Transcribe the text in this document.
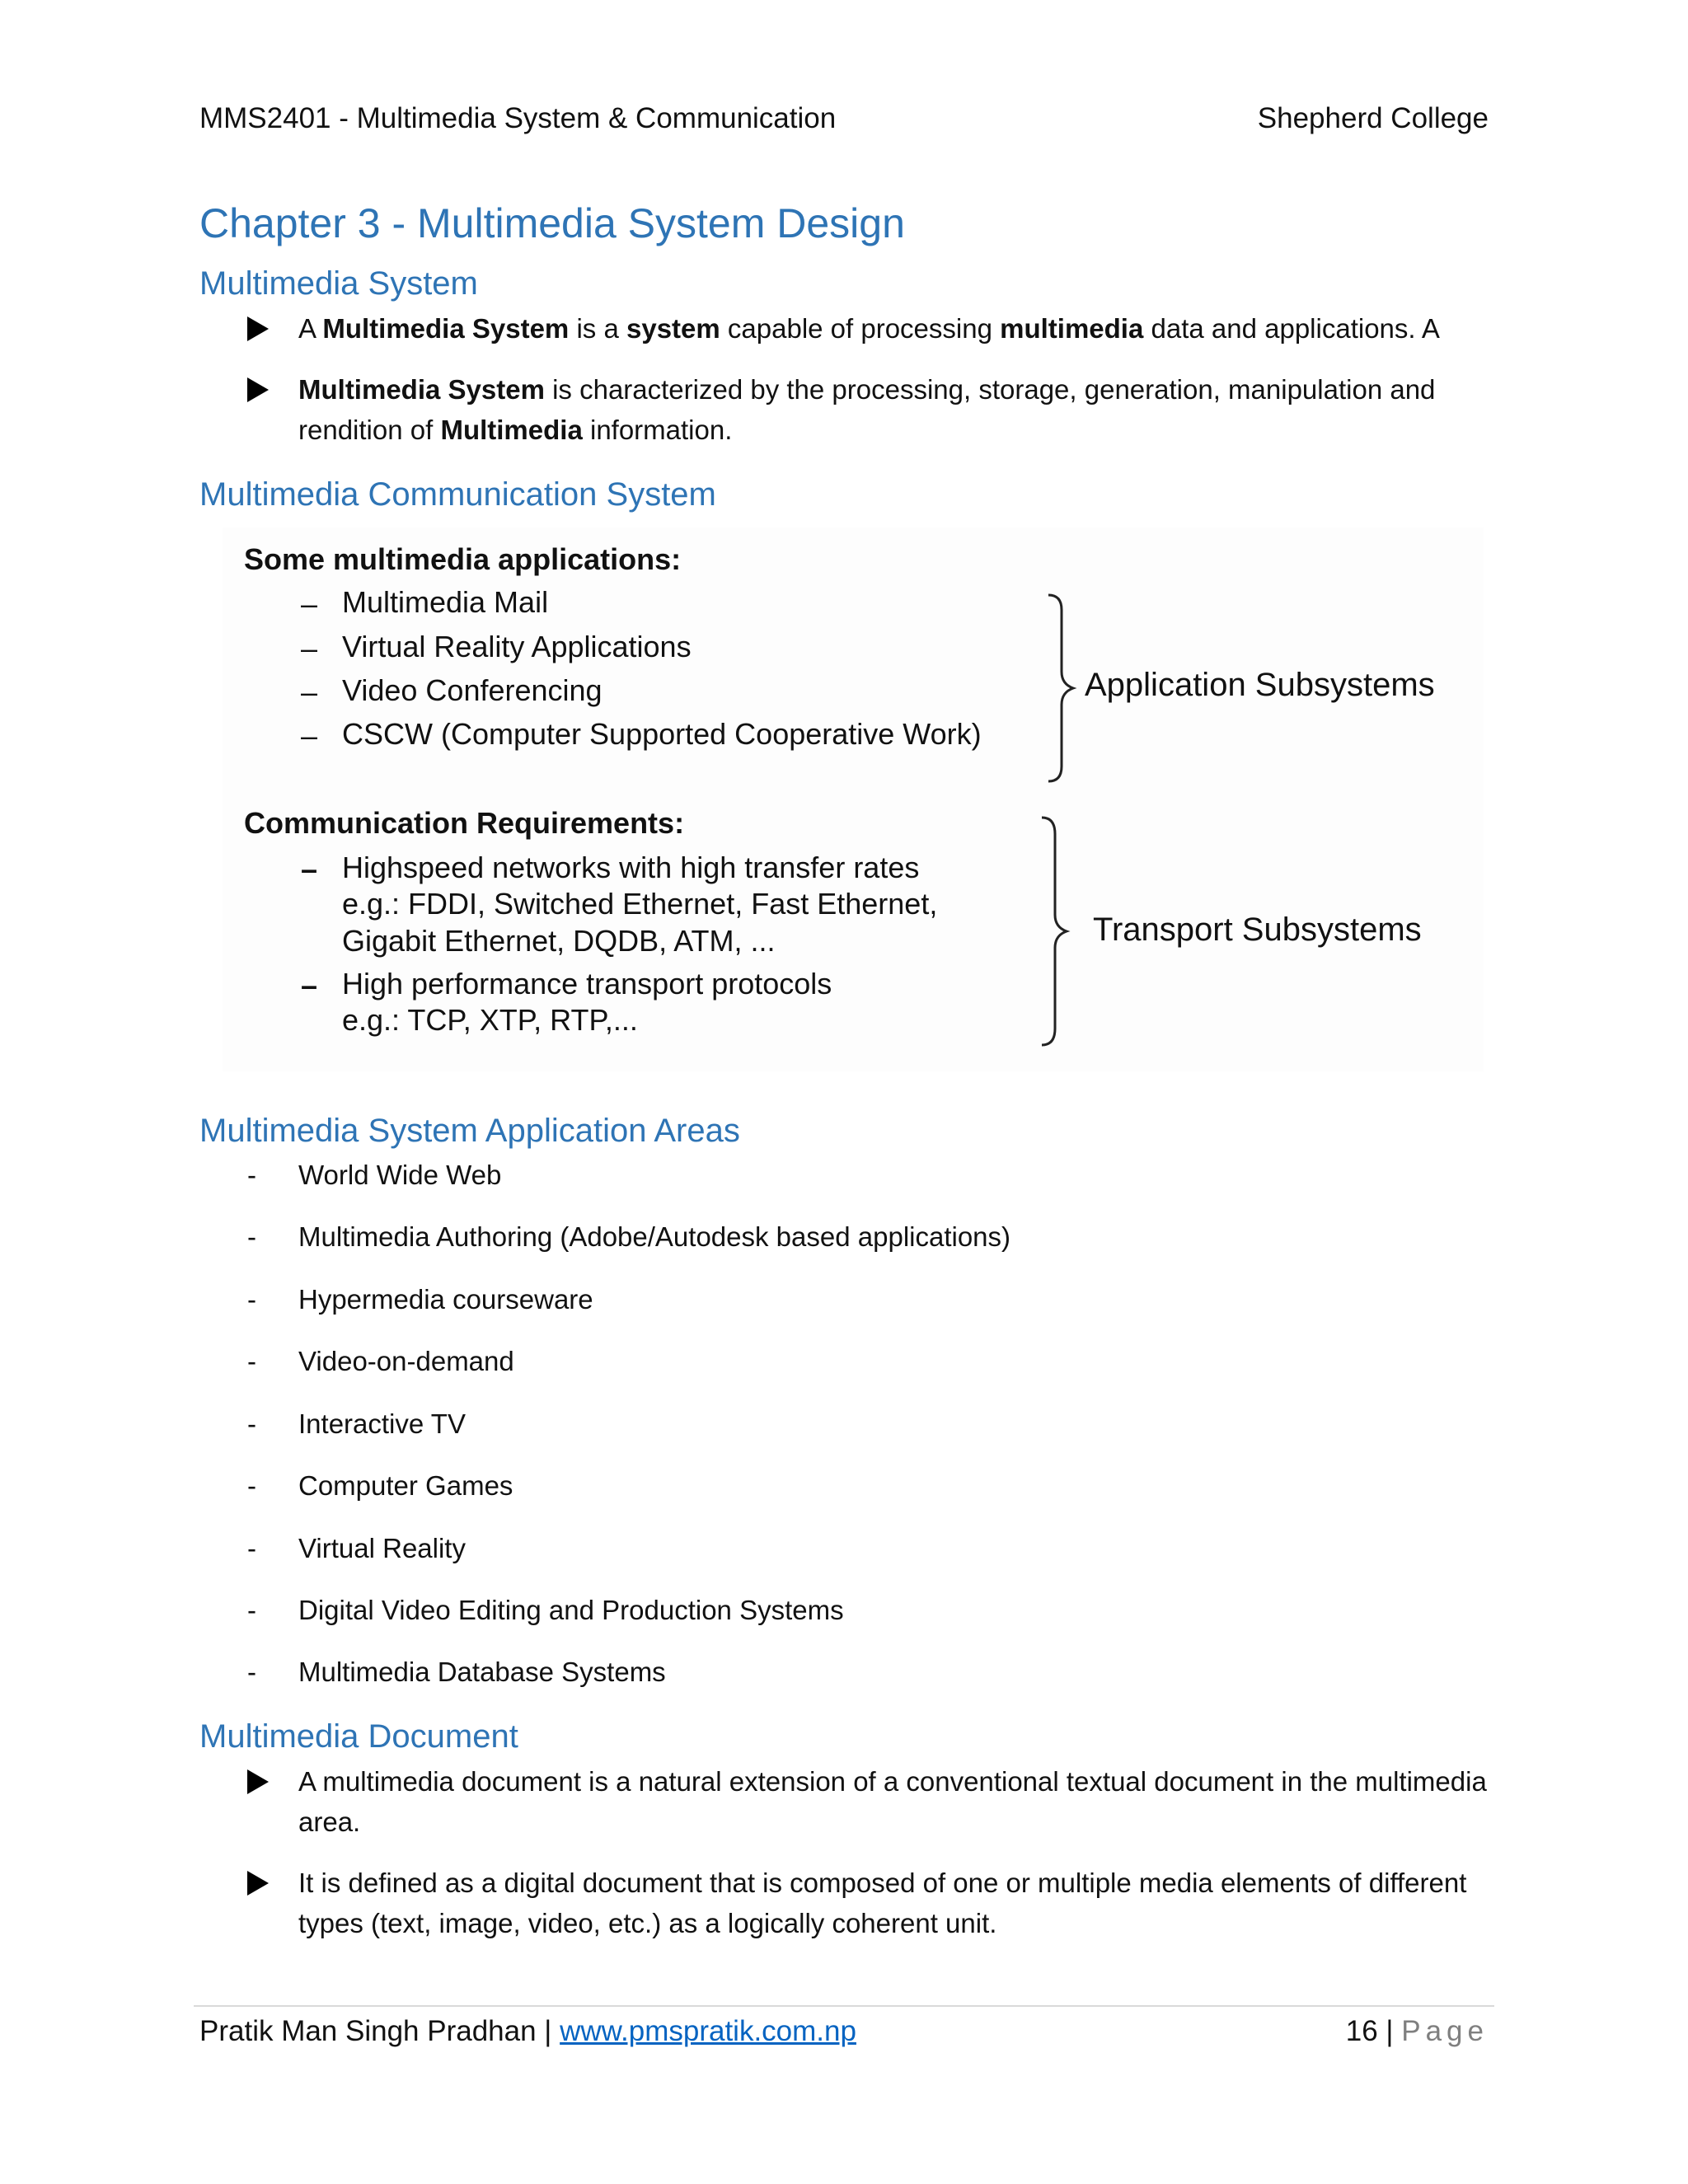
MMS2401 - Multimedia System & Communication	Shepherd College
Chapter 3 - Multimedia System Design
Multimedia System
A Multimedia System is a system capable of processing multimedia data and applications. A
Multimedia System is characterized by the processing, storage, generation, manipulation and rendition of Multimedia information.
Multimedia Communication System
Some multimedia applications:
– Multimedia Mail
– Virtual Reality Applications
– Video Conferencing
– CSCW (Computer Supported Cooperative Work)
Application Subsystems
Communication Requirements:
– Highspeed networks with high transfer rates
e.g.: FDDI, Switched Ethernet, Fast Ethernet,
Gigabit Ethernet, DQDB, ATM, ...
– High performance transport protocols
e.g.: TCP, XTP, RTP,...
Transport Subsystems
Multimedia System Application Areas
- World Wide Web
- Multimedia Authoring (Adobe/Autodesk based applications)
- Hypermedia courseware
- Video-on-demand
- Interactive TV
- Computer Games
- Virtual Reality
- Digital Video Editing and Production Systems
- Multimedia Database Systems
Multimedia Document
A multimedia document is a natural extension of a conventional textual document in the multimedia area.
It is defined as a digital document that is composed of one or multiple media elements of different types (text, image, video, etc.) as a logically coherent unit.
Pratik Man Singh Pradhan | www.pmspratik.com.np	16 | Page
